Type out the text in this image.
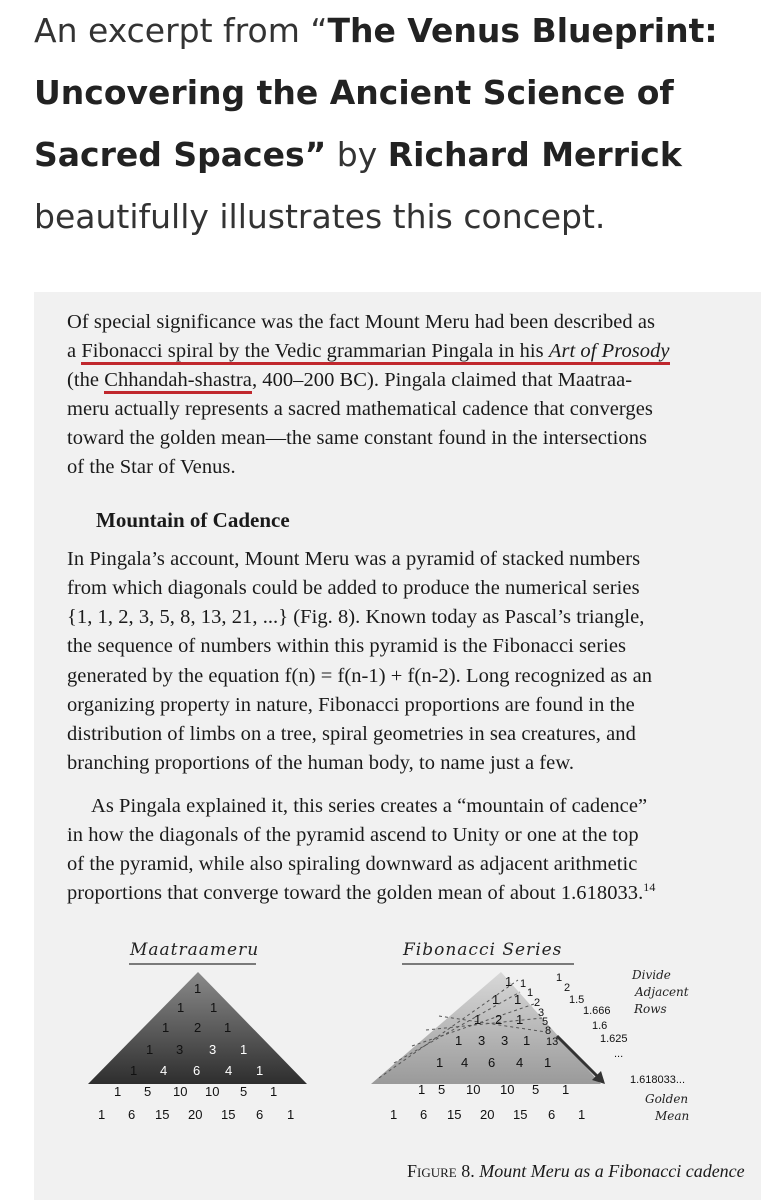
An excerpt from “The Venus Blueprint:
Uncovering the Ancient Science of
Sacred Spaces” by Richard Merrick
beautifully illustrates this concept.
Of special significance was the fact Mount Meru had been described as
a Fibonacci spiral by the Vedic grammarian Pingala in his Art of Prosody
(the Chhandah-shastra, 400–200 BC). Pingala claimed that Maatraa-
meru actually represents a sacred mathematical cadence that converges
toward the golden mean—the same constant found in the intersections
of the Star of Venus.
Mountain of Cadence
In Pingala’s account, Mount Meru was a pyramid of stacked numbers
from which diagonals could be added to produce the numerical series
{1, 1, 2, 3, 5, 8, 13, 21, ...} (Fig. 8). Known today as Pascal’s triangle,
the sequence of numbers within this pyramid is the Fibonacci series
generated by the equation f(n) = f(n-1) + f(n-2). Long recognized as an
organizing property in nature, Fibonacci proportions are found in the
distribution of limbs on a tree, spiral geometries in sea creatures, and
branching proportions of the human body, to name just a few.
As Pingala explained it, this series creates a “mountain of cadence”
in how the diagonals of the pyramid ascend to Unity or one at the top
of the pyramid, while also spiraling downward as adjacent arithmetic
proportions that converge toward the golden mean of about 1.618033.14
Maatraameru	Fibonacci Series
1
1 1
1 2 1
1 3 3 1
1 4 6 4 1
1 5 10 10 5 1
1 6 15 20 15 6 1
1
1 1
1 2 1
1 3 3 1
1 4 6 4 1
1 5 10 10 5 1
1 6 15 20 15 6 1
1
1
2
3
5
8
13
1
2
1.5
1.666
1.6
1.625
...
1.618033...
Divide
Adjacent
Rows
Golden
Mean
Figure 8. Mount Meru as a Fibonacci cadence
